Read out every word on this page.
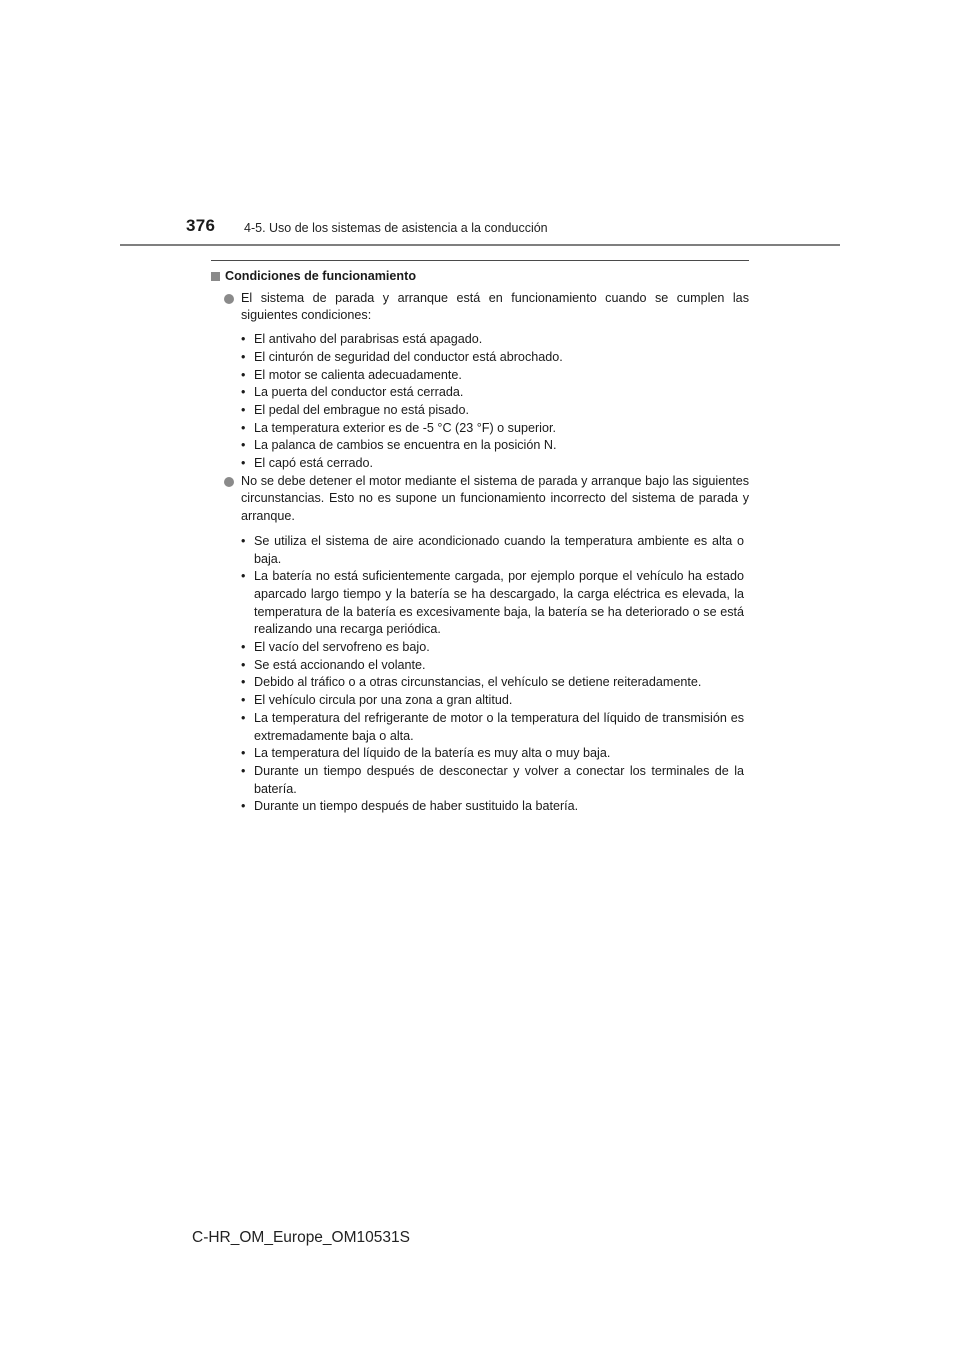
376 4-5. Uso de los sistemas de asistencia a la conducción
Condiciones de funcionamiento
El sistema de parada y arranque está en funcionamiento cuando se cumplen las siguientes condiciones:
• El antivaho del parabrisas está apagado.
• El cinturón de seguridad del conductor está abrochado.
• El motor se calienta adecuadamente.
• La puerta del conductor está cerrada.
• El pedal del embrague no está pisado.
• La temperatura exterior es de -5 °C (23 °F) o superior.
• La palanca de cambios se encuentra en la posición N.
• El capó está cerrado.
No se debe detener el motor mediante el sistema de parada y arranque bajo las siguientes circunstancias. Esto no es supone un funcionamiento incorrecto del sistema de parada y arranque.
• Se utiliza el sistema de aire acondicionado cuando la temperatura ambiente es alta o baja.
• La batería no está suficientemente cargada, por ejemplo porque el vehículo ha estado aparcado largo tiempo y la batería se ha descargado, la carga eléctrica es elevada, la temperatura de la batería es excesivamente baja, la batería se ha deteriorado o se está realizando una recarga periódica.
• El vacío del servofreno es bajo.
• Se está accionando el volante.
• Debido al tráfico o a otras circunstancias, el vehículo se detiene reiteradamente.
• El vehículo circula por una zona a gran altitud.
• La temperatura del refrigerante de motor o la temperatura del líquido de transmisión es extremadamente baja o alta.
• La temperatura del líquido de la batería es muy alta o muy baja.
• Durante un tiempo después de desconectar y volver a conectar los terminales de la batería.
• Durante un tiempo después de haber sustituido la batería.
C-HR_OM_Europe_OM10531S
